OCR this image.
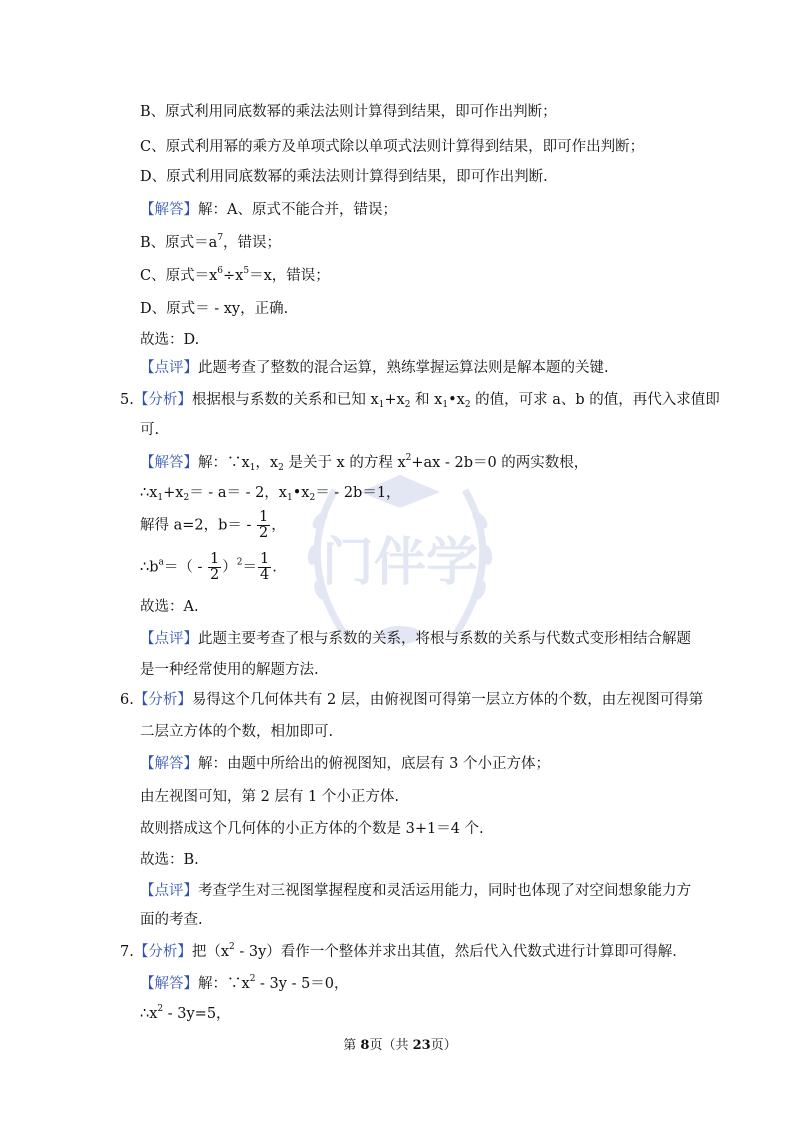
门伴学
B、原式利用同底数幂的乘法法则计算得到结果，即可作出判断；
C、原式利用幂的乘方及单项式除以单项式法则计算得到结果，即可作出判断；
D、原式利用同底数幂的乘法法则计算得到结果，即可作出判断.
【解答】解：A、原式不能合并，错误；
B、原式$=a^7$，错误；
C、原式$=x^6\div x^5=x$，错误；
D、原式＝ - xy，正确.
故选：D.
【点评】此题考查了整数的混合运算，熟练掌握运算法则是解本题的关键.
5.【分析】根据根与系数的关系和已知 $x_1+x_2$ 和 $x_1•x_2$ 的值，可求 a、b 的值，再代入求值即
可.
【解答】解：$\because x_1$，$x_2$ 是关于 x 的方程 $x^2+ax - 2b=0$ 的两实数根，
$\therefore x_1+x_2= - a= - 2$，$x_1•x_2= - 2b=1$，
解得 a=2，$b= - \frac{1}{2}$ ，
$\therefore b^a=( - \frac{1}{2} )^2= \frac{1}{4}$ .
故选：A.
【点评】此题主要考查了根与系数的关系，将根与系数的关系与代数式变形相结合解题
是一种经常使用的解题方法.
6.【分析】易得这个几何体共有 2 层，由俯视图可得第一层立方体的个数，由左视图可得第
二层立方体的个数，相加即可.
【解答】解：由题中所给出的俯视图知，底层有 3 个小正方体；
由左视图可知，第 2 层有 1 个小正方体.
故则搭成这个几何体的小正方体的个数是 3+1＝4 个.
故选：B.
【点评】考查学生对三视图掌握程度和灵活运用能力，同时也体现了对空间想象能力方
面的考查.
7.【分析】把$(x^2 - 3y)$看作一个整体并求出其值，然后代入代数式进行计算即可得解.
【解答】解：$\because x^2 - 3y - 5=0$，
$\therefore x^2 - 3y=5$，
第 8页（共 23页）
